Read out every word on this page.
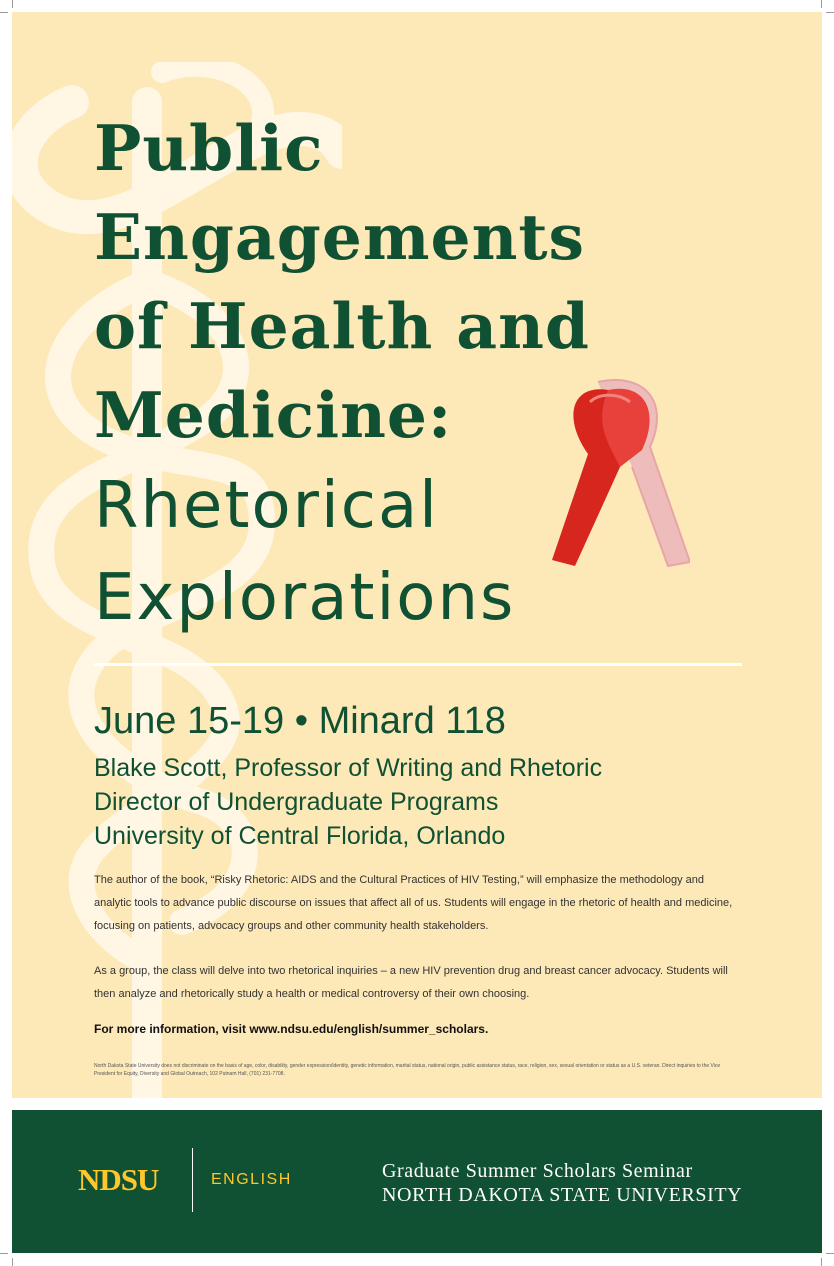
Public
Engagements
of Health and
Medicine:
Rhetorical
Explorations

June 15-19 • Minard 118

Blake Scott, Professor of Writing and Rhetoric
Director of Undergraduate Programs
University of Central Florida, Orlando

The author of the book, “Risky Rhetoric: AIDS and the Cultural Practices of HIV Testing,” will emphasize the methodology and analytic tools to advance public discourse on issues that affect all of us. Students will engage in the rhetoric of health and medicine, focusing on patients, advocacy groups and other community health stakeholders.

As a group, the class will delve into two rhetorical inquiries – a new HIV prevention drug and breast cancer advocacy. Students will then analyze and rhetorically study a health or medical controversy of their own choosing.

For more information, visit www.ndsu.edu/english/summer_scholars.

North Dakota State University does not discriminate on the basis of age, color, disability, gender expression/identity, genetic information, marital status, national origin, public assistance status, race, religion, sex, sexual orientation or status as a U.S. veteran. Direct inquiries to the Vice President for Equity, Diversity and Global Outreach, 102 Putnam Hall, (701) 231-7708.

NDSU	ENGLISH	Graduate Summer Scholars Seminar
NORTH DAKOTA STATE UNIVERSITY
